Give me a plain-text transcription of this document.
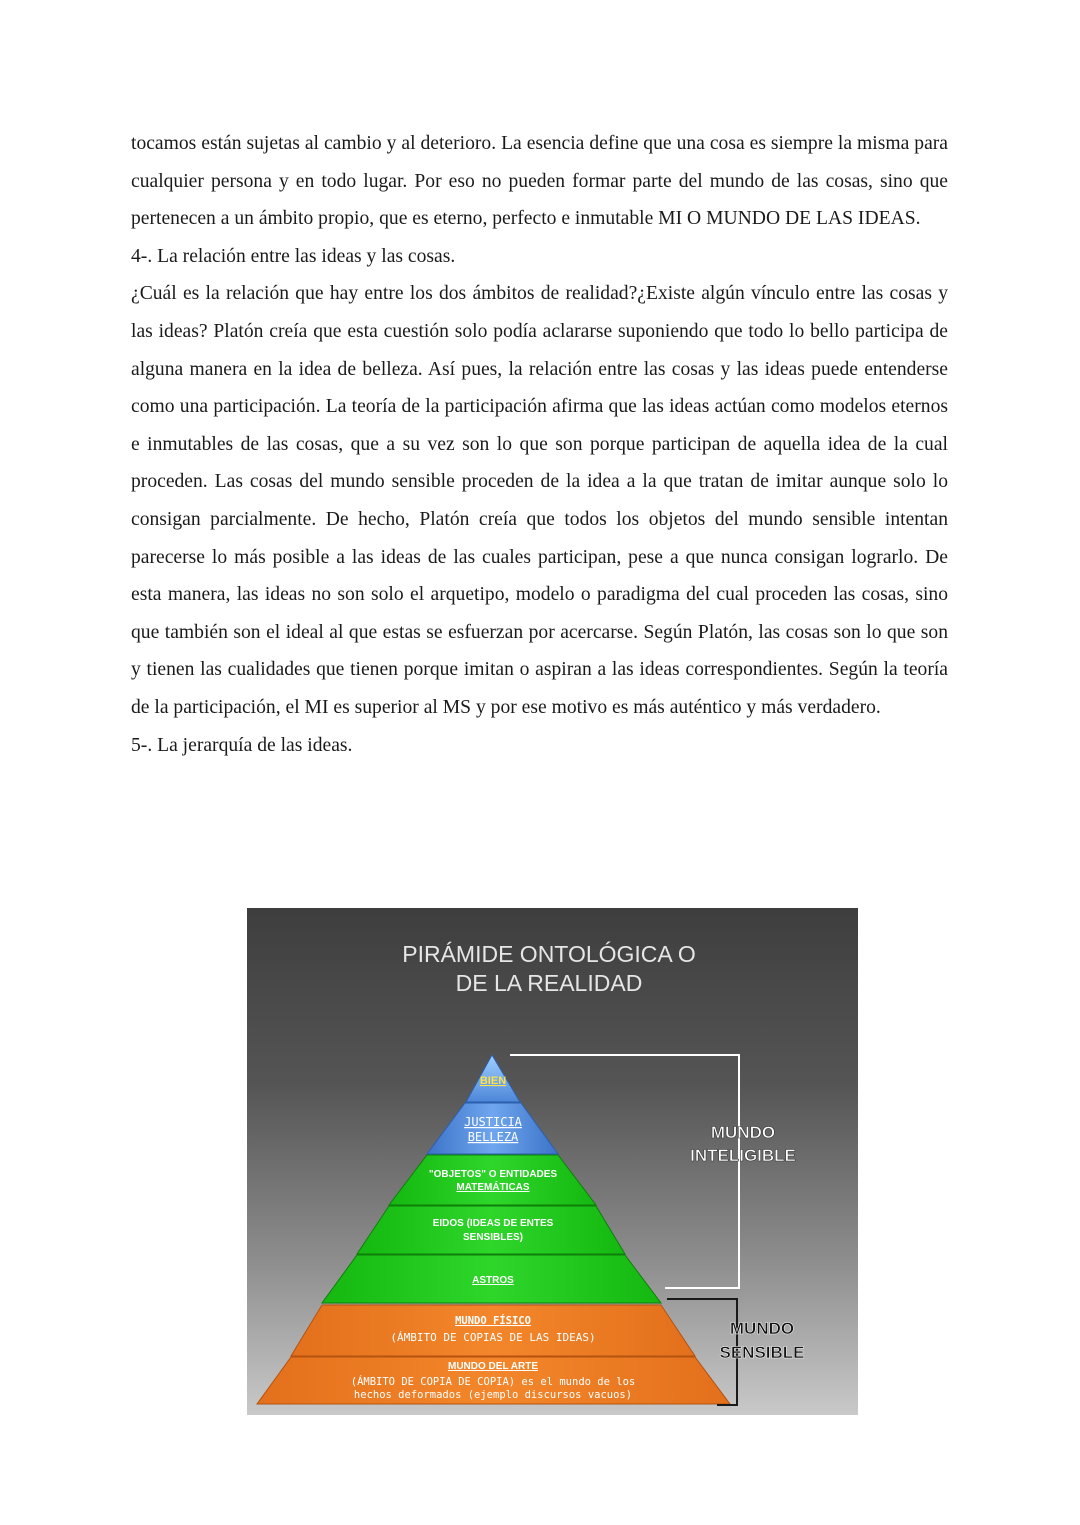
tocamos están sujetas al cambio y al deterioro. La esencia define que una cosa es siempre la misma para cualquier persona y en todo lugar. Por eso no pueden formar parte del mundo de las cosas, sino que pertenecen a un ámbito propio, que es eterno, perfecto e inmutable MI O MUNDO DE LAS IDEAS.

4-. La relación entre las ideas y las cosas.

¿Cuál es la relación que hay entre los dos ámbitos de realidad?¿Existe algún vínculo entre las cosas y las ideas? Platón creía que esta cuestión solo podía aclararse suponiendo que todo lo bello participa de alguna manera en la idea de belleza. Así pues, la relación entre las cosas y las ideas puede entenderse como una participación. La teoría de la participación afirma que las ideas actúan como modelos eternos e inmutables de las cosas, que a su vez son lo que son porque participan de aquella idea de la cual proceden. Las cosas del mundo sensible proceden de la idea a la que tratan de imitar aunque solo lo consigan parcialmente. De hecho, Platón creía que todos los objetos del mundo sensible intentan parecerse lo más posible a las ideas de las cuales participan, pese a que nunca consigan lograrlo. De esta manera, las ideas no son solo el arquetipo, modelo o paradigma del cual proceden las cosas, sino que también son el ideal al que estas se esfuerzan por acercarse. Según Platón, las cosas son lo que son y tienen las cualidades que tienen porque imitan o aspiran a las ideas correspondientes. Según la teoría de la participación, el MI es superior al MS y por ese motivo es más auténtico y más verdadero.

5-. La jerarquía de las ideas.

PIRÁMIDE ONTOLÓGICA O
DE LA REALIDAD
BIEN
JUSTICIA
BELLEZA
"OBJETOS" O ENTIDADES
MATEMÁTICAS
EIDOS (IDEAS DE ENTES
SENSIBLES)
ASTROS
MUNDO FÍSICO
(ÁMBITO DE COPIAS DE LAS IDEAS)
MUNDO DEL ARTE
(ÁMBITO DE COPIA DE COPIA) es el mundo de los
hechos deformados (ejemplo discursos vacuos)
MUNDO
INTELIGIBLE
MUNDO
SENSIBLE
